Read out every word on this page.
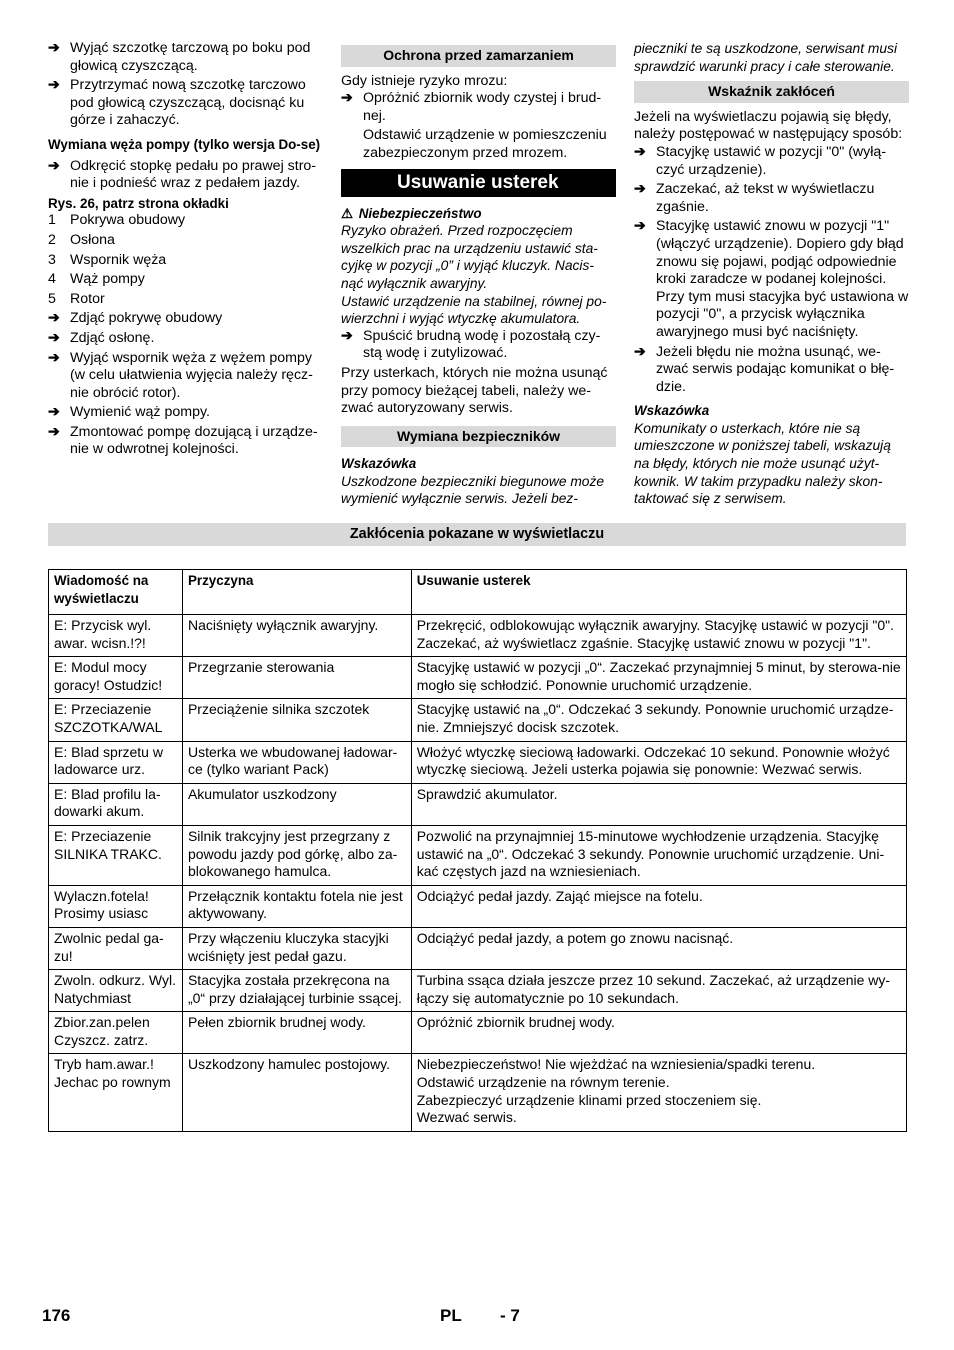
➔ Wyjąć szczotkę tarczową po boku pod głowicą czyszczącą.
➔ Przytrzymać nową szczotkę tarczowo pod głowicą czyszczącą, docisnąć ku górze i zahaczyć.

Wymiana węża pompy (tylko wersja Do-se)

➔ Odkręcić stopkę pedału po prawej stro-nie i podnieść wraz z pedałem jazdy.

Rys. 26, patrz strona okładki

1 Pokrywa obudowy
2 Osłona
3 Wspornik węża
4 Wąż pompy
5 Rotor
➔ Zdjąć pokrywę obudowy
➔ Zdjąć osłonę.
➔ Wyjąć wspornik węża z wężem pompy (w celu ułatwienia wyjęcia należy ręcz-nie obrócić rotor).
➔ Wymienić wąż pompy.
➔ Zmontować pompę dozującą i urządze-nie w odwrotnej kolejności.
Ochrona przed zamarzaniem

Gdy istnieje ryzyko mrozu:

➔ Opróżnić zbiornik wody czystej i brud-nej.

Odstawić urządzenie w pomieszczeniu zabezpieczonym przed mrozem.

Usuwanie usterek

⚠ Niebezpieczeństwo

Ryzyko obrażeń. Przed rozpoczęciem wszelkich prac na urządzeniu ustawić sta-cyjkę w pozycji „0” i wyjąć kluczyk. Nacis-nąć wyłącznik awaryjny.

Ustawić urządzenie na stabilnej, równej po-wierzchni i wyjąć wtyczkę akumulatora.

➔ Spuścić brudną wodę i pozostałą czy-stą wodę i zutylizować.

Przy usterkach, których nie można usunąć przy pomocy bieżącej tabeli, należy we-zwać autoryzowany serwis.

Wymiana bezpieczników

Wskazówka

Uszkodzone bezpieczniki biegunowe może wymienić wyłącznie serwis. Jeżeli bez-

pieczniki te są uszkodzone, serwisant musi sprawdzić warunki pracy i całe sterowanie.

Wskaźnik zakłóceń

Jeżeli na wyświetlaczu pojawią się błędy, należy postępować w następujący sposób:

➔ Stacyjkę ustawić w pozycji "0" (wyłą-czyć urządzenie).
➔ Zaczekać, aż tekst w wyświetlaczu zgaśnie.
➔ Stacyjkę ustawić znowu w pozycji "1" (włączyć urządzenie). Dopiero gdy błąd znowu się pojawi, podjąć odpowiednie kroki zaradcze w podanej kolejności.

Przy tym musi stacyjka być ustawiona w pozycji "0", a przycisk wyłącznika awaryjnego musi być naciśnięty.

➔ Jeżeli błędu nie można usunąć, we-zwać serwis podając komunikat o błę-dzie.

Wskazówka

Komunikaty o usterkach, które nie są umieszczone w poniższej tabeli, wskazują na błędy, których nie może usunąć użyt-kownik. W takim przypadku należy skon-taktować się z serwisem.

Zakłócenia pokazane w wyświetlaczu
Wiadomość na wyświetlaczu	Przyczyna	Usuwanie usterek
E: Przycisk wyl. awar. wcisn.!?!	Naciśnięty wyłącznik awaryjny.	Przekręcić, odblokowując wyłącznik awaryjny. Stacyjkę ustawić w pozycji "0". Zaczekać, aż wyświetlacz zgaśnie. Stacyjkę ustawić znowu w pozycji "1".
E: Modul mocy goracy! Ostudzic!	Przegrzanie sterowania	Stacyjkę ustawić w pozycji „0“. Zaczekać przynajmniej 5 minut, by sterowa-nie mogło się schłodzić. Ponownie uruchomić urządzenie.
E: Przeciazenie SZCZOTKA/WAL	Przeciążenie silnika szczotek	Stacyjkę ustawić na „0“. Odczekać 3 sekundy. Ponownie uruchomić urządze-nie. Zmniejszyć docisk szczotek.
E: Blad sprzetu w ladowarce urz.	Usterka we wbudowanej ładowar-ce (tylko wariant Pack)	Włożyć wtyczkę sieciową ładowarki. Odczekać 10 sekund. Ponownie włożyć wtyczkę sieciową. Jeżeli usterka pojawia się ponownie: Wezwać serwis.
E: Blad profilu la-dowarki akum.	Akumulator uszkodzony	Sprawdzić akumulator.
E: Przeciazenie SILNIKA TRAKC.	Silnik trakcyjny jest przegrzany z powodu jazdy pod górkę, albo za-blokowanego hamulca.	Pozwolić na przynajmniej 15-minutowe wychłodzenie urządzenia. Stacyjkę ustawić na „0“. Odczekać 3 sekundy. Ponownie uruchomić urządzenie. Uni-kać częstych jazd na wzniesieniach.
Wylaczn.fotela! Prosimy usiasc	Przełącznik kontaktu fotela nie jest aktywowany.	Odciążyć pedał jazdy. Zająć miejsce na fotelu.
Zwolnic pedal ga-zu!	Przy włączeniu kluczyka stacyjki wciśnięty jest pedał gazu.	Odciążyć pedał jazdy, a potem go znowu nacisnąć.
Zwoln. odkurz. Wyl. Natychmiast	Stacyjka została przekręcona na „0“ przy działającej turbinie ssącej.	Turbina ssąca działa jeszcze przez 10 sekund. Zaczekać, aż urządzenie wy-łączy się automatycznie po 10 sekundach.
Zbior.zan.pelen Czyszcz. zatrz.	Pełen zbiornik brudnej wody.	Opróżnić zbiornik brudnej wody.
Tryb ham.awar.! Jechac po rownym	Uszkodzony hamulec postojowy.	Niebezpieczeństwo! Nie wjeżdżać na wzniesienia/spadki terenu.
Odstawić urządzenie na równym terenie.
Zabezpieczyć urządzenie klinami przed stoczeniem się.
Wezwać serwis.
176	PL - 7
